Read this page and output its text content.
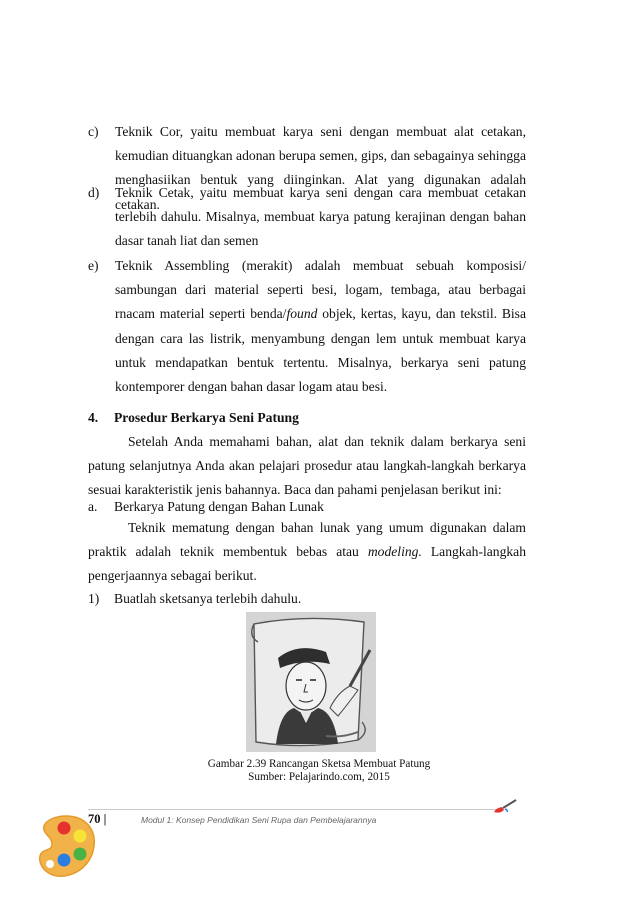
c) Teknik Cor, yaitu membuat karya seni dengan membuat alat cetakan, kemudian dituangkan adonan berupa semen, gips, dan sebagainya sehingga menghasiikan bentuk yang diinginkan. Alat yang digunakan adalah cetakan.
d) Teknik Cetak, yaitu membuat karya seni dengan cara membuat cetakan terlebih dahulu. Misalnya, membuat karya patung kerajinan dengan bahan dasar tanah liat dan semen
e) Teknik Assembling (merakit) adalah membuat sebuah komposisi/ sambungan dari material seperti besi, logam, tembaga, atau berbagai rnacam material seperti benda/found objek, kertas, kayu, dan tekstil. Bisa dengan cara las listrik, menyambung dengan lem untuk membuat karya untuk mendapatkan bentuk tertentu. Misalnya, berkarya seni patung kontemporer dengan bahan dasar logam atau besi.
4. Prosedur Berkarya Seni Patung
Setelah Anda memahami bahan, alat dan teknik dalam berkarya seni patung selanjutnya Anda akan pelajari prosedur atau langkah-langkah berkarya sesuai karakteristik jenis bahannya. Baca dan pahami penjelasan berikut ini:
a. Berkarya Patung dengan Bahan Lunak
Teknik mematung dengan bahan lunak yang umum digunakan dalam praktik adalah teknik membentuk bebas atau modeling. Langkah-langkah pengerjaannya sebagai berikut.
1) Buatlah sketsanya terlebih dahulu.
Gambar 2.39 Rancangan Sketsa Membuat Patung
Sumber: Pelajarindo.com, 2015
70 |	Modul 1: Konsep Pendidikan Seni Rupa dan Pembelajarannya
